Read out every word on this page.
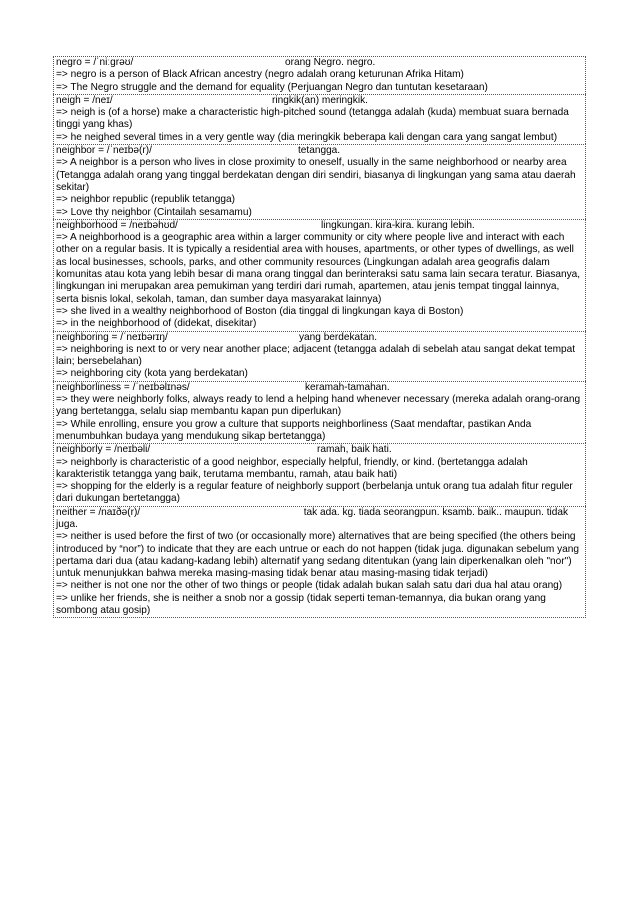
negro = /ˈniːɡrəʊ/	orang Negro. negro.
=> negro is a person of Black African ancestry (negro adalah orang keturunan Afrika Hitam)
=> The Negro struggle and the demand for equality (Perjuangan Negro dan tuntutan kesetaraan)
neigh = /neɪ/	ringkik(an) meringkik.
=> neigh is (of a horse) make a characteristic high-pitched sound (tetangga adalah (kuda) membuat suara bernada tinggi yang khas)
=> he neighed several times in a very gentle way (dia meringkik beberapa kali dengan cara yang sangat lembut)
neighbor = /ˈneɪbə(r)/	tetangga.
=> A neighbor is a person who lives in close proximity to oneself, usually in the same neighborhood or nearby area (Tetangga adalah orang yang tinggal berdekatan dengan diri sendiri, biasanya di lingkungan yang sama atau daerah sekitar)
=> neighbor republic (republik tetangga)
=> Love thy neighbor (Cintailah sesamamu)
neighborhood = /neɪbəhʊd/	lingkungan. kira-kira. kurang lebih.
=> A neighborhood is a geographic area within a larger community or city where people live and interact with each other on a regular basis. It is typically a residential area with houses, apartments, or other types of dwellings, as well as local businesses, schools, parks, and other community resources (Lingkungan adalah area geografis dalam komunitas atau kota yang lebih besar di mana orang tinggal dan berinteraksi satu sama lain secara teratur. Biasanya, lingkungan ini merupakan area pemukiman yang terdiri dari rumah, apartemen, atau jenis tempat tinggal lainnya, serta bisnis lokal, sekolah, taman, dan sumber daya masyarakat lainnya)
=> she lived in a wealthy neighborhood of Boston (dia tinggal di lingkungan kaya di Boston)
=> in the neighborhood of (didekat, disekitar)
neighboring = /ˈneɪbərɪŋ/	yang berdekatan.
=> neighboring is next to or very near another place; adjacent (tetangga adalah di sebelah atau sangat dekat tempat lain; bersebelahan)
=> neighboring city (kota yang berdekatan)
neighborliness = /ˈneɪbəlɪnəs/	keramah-tamahan.
=> they were neighborly folks, always ready to lend a helping hand whenever necessary (mereka adalah orang-orang yang bertetangga, selalu siap membantu kapan pun diperlukan)
=> While enrolling, ensure you grow a culture that supports neighborliness (Saat mendaftar, pastikan Anda menumbuhkan budaya yang mendukung sikap bertetangga)
neighborly = /neɪbəli/	ramah, baik hati.
=> neighborly is characteristic of a good neighbor, especially helpful, friendly, or kind. (bertetangga adalah karakteristik tetangga yang baik, terutama membantu, ramah, atau baik hati)
=> shopping for the elderly is a regular feature of neighborly support (berbelanja untuk orang tua adalah fitur reguler dari dukungan bertetangga)
neither = /naɪðə(r)/	tak ada. kg. tiada seorangpun. ksamb. baik.. maupun. tidak juga.
=> neither is used before the first of two (or occasionally more) alternatives that are being specified (the others being introduced by “nor”) to indicate that they are each untrue or each do not happen (tidak juga. digunakan sebelum yang pertama dari dua (atau kadang-kadang lebih) alternatif yang sedang ditentukan (yang lain diperkenalkan oleh "nor") untuk menunjukkan bahwa mereka masing-masing tidak benar atau masing-masing tidak terjadi)
=> neither is not one nor the other of two things or people (tidak adalah bukan salah satu dari dua hal atau orang)
=> unlike her friends, she is neither a snob nor a gossip (tidak seperti teman-temannya, dia bukan orang yang sombong atau gosip)
